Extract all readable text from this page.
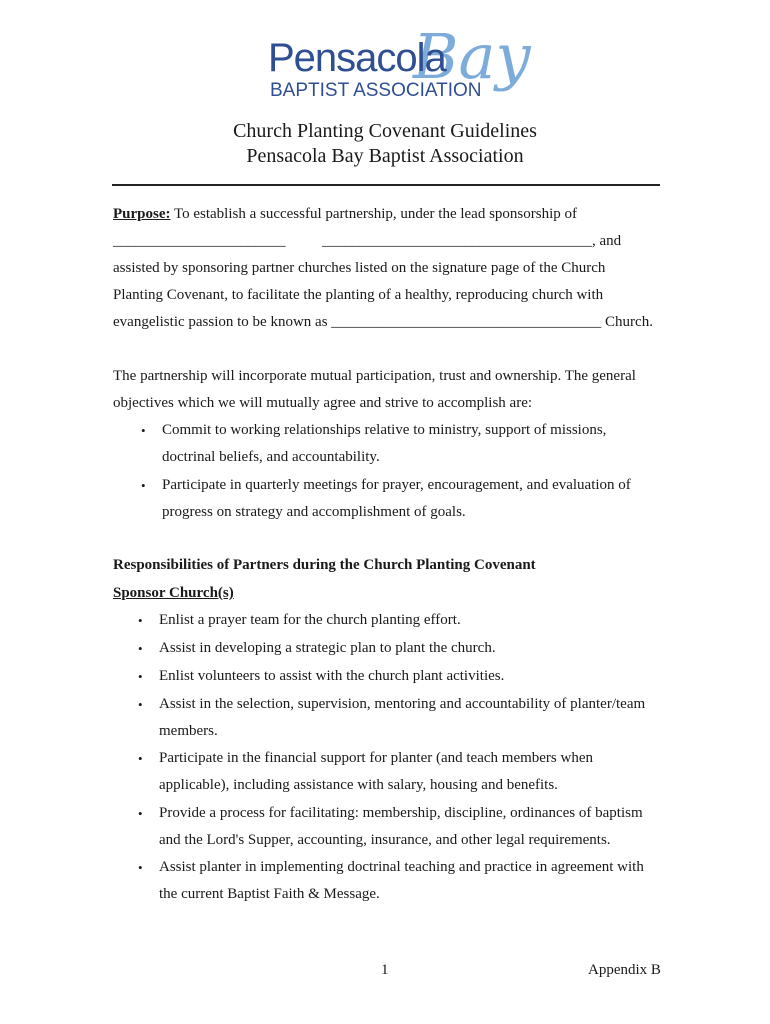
Bay
Pensacola
BAPTIST ASSOCIATION
Church Planting Covenant Guidelines
Pensacola Bay Baptist Association
Purpose: To establish a successful partnership, under the lead sponsorship of
_______________________ ____________________________________, and
assisted by sponsoring partner churches listed on the signature page of the Church
Planting Covenant, to facilitate the planting of a healthy, reproducing church with
evangelistic passion to be known as ____________________________________ Church.
The partnership will incorporate mutual participation, trust and ownership. The general
objectives which we will mutually agree and strive to accomplish are:
• Commit to working relationships relative to ministry, support of missions,
doctrinal beliefs, and accountability.
• Participate in quarterly meetings for prayer, encouragement, and evaluation of
progress on strategy and accomplishment of goals.
Responsibilities of Partners during the Church Planting Covenant
Sponsor Church(s)
• Enlist a prayer team for the church planting effort.
• Assist in developing a strategic plan to plant the church.
• Enlist volunteers to assist with the church plant activities.
• Assist in the selection, supervision, mentoring and accountability of planter/team
members.
• Participate in the financial support for planter (and teach members when
applicable), including assistance with salary, housing and benefits.
• Provide a process for facilitating: membership, discipline, ordinances of baptism
and the Lord's Supper, accounting, insurance, and other legal requirements.
• Assist planter in implementing doctrinal teaching and practice in agreement with
the current Baptist Faith & Message.
1	Appendix B
